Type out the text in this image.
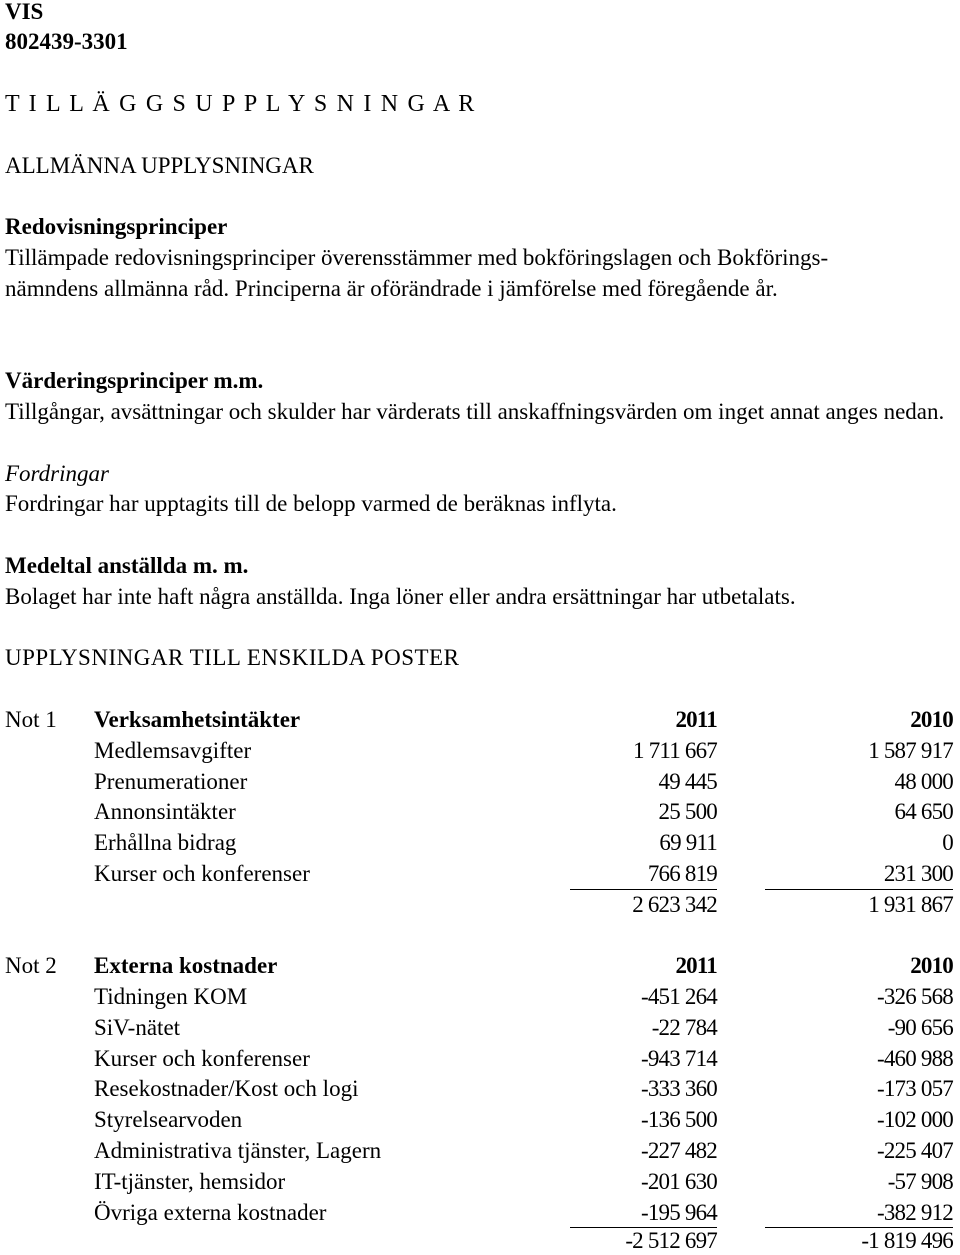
VIS
802439-3301
T I L L Ä G G S U P P L Y S N I N G A R
ALLMÄNNA UPPLYSNINGAR
Redovisningsprinciper
Tillämpade redovisningsprinciper överensstämmer med bokföringslagen och Bokförings-
nämndens allmänna råd. Principerna är oförändrade i jämförelse med föregående år.
Värderingsprinciper m.m.
Tillgångar, avsättningar och skulder har värderats till anskaffningsvärden om inget annat anges nedan.
Fordringar
Fordringar har upptagits till de belopp varmed de beräknas inflyta.
Medeltal anställda m. m.
Bolaget har inte haft några anställda. Inga löner eller andra ersättningar har utbetalats.
UPPLYSNINGAR TILL ENSKILDA POSTER
Not 1 Verksamhetsintäkter	2011	2010
Medlemsavgifter	1 711 667	1 587 917
Prenumerationer	49 445	48 000
Annonsintäkter	25 500	64 650
Erhållna bidrag	69 911	0
Kurser och konferenser	766 819	231 300
2 623 342	1 931 867
Not 2 Externa kostnader	2011	2010
Tidningen KOM	-451 264	-326 568
SiV-nätet	-22 784	-90 656
Kurser och konferenser	-943 714	-460 988
Resekostnader/Kost och logi	-333 360	-173 057
Styrelsearvoden	-136 500	-102 000
Administrativa tjänster, Lagern	-227 482	-225 407
IT-tjänster, hemsidor	-201 630	-57 908
Övriga externa kostnader	-195 964	-382 912
-2 512 697	-1 819 496
